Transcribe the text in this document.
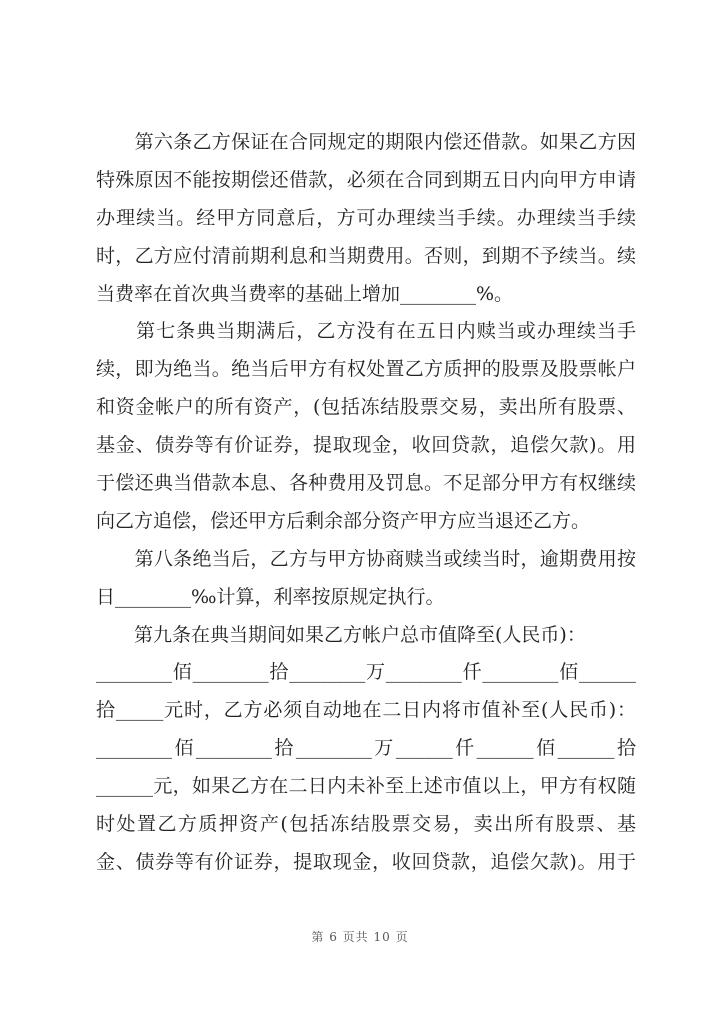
　　第六条乙方保证在合同规定的期限内偿还借款。如果乙方因
特殊原因不能按期偿还借款，必须在合同到期五日内向甲方申请
办理续当。经甲方同意后，方可办理续当手续。办理续当手续
时，乙方应付清前期利息和当期费用。否则，到期不予续当。续
当费率在首次典当费率的基础上增加________%。
　　第七条典当期满后，乙方没有在五日内赎当或办理续当手
续，即为绝当。绝当后甲方有权处置乙方质押的股票及股票帐户
和资金帐户的所有资产，(包括冻结股票交易，卖出所有股票、
基金、债券等有价证券，提取现金，收回贷款，追偿欠款)。用
于偿还典当借款本息、各种费用及罚息。不足部分甲方有权继续
向乙方追偿，偿还甲方后剩余部分资产甲方应当退还乙方。
　　第八条绝当后，乙方与甲方协商赎当或续当时，逾期费用按
日________‰计算，利率按原规定执行。
　　第九条在典当期间如果乙方帐户总市值降至(人民币)：
________佰________拾________万________仟________佰______
拾_____元时，乙方必须自动地在二日内将市值补至(人民币)：
________佰________拾________万______仟______佰______拾
______元，如果乙方在二日内未补至上述市值以上，甲方有权随
时处置乙方质押资产(包括冻结股票交易，卖出所有股票、基
金、债券等有价证券，提取现金，收回贷款，追偿欠款)。用于
第 6 页共 10 页
